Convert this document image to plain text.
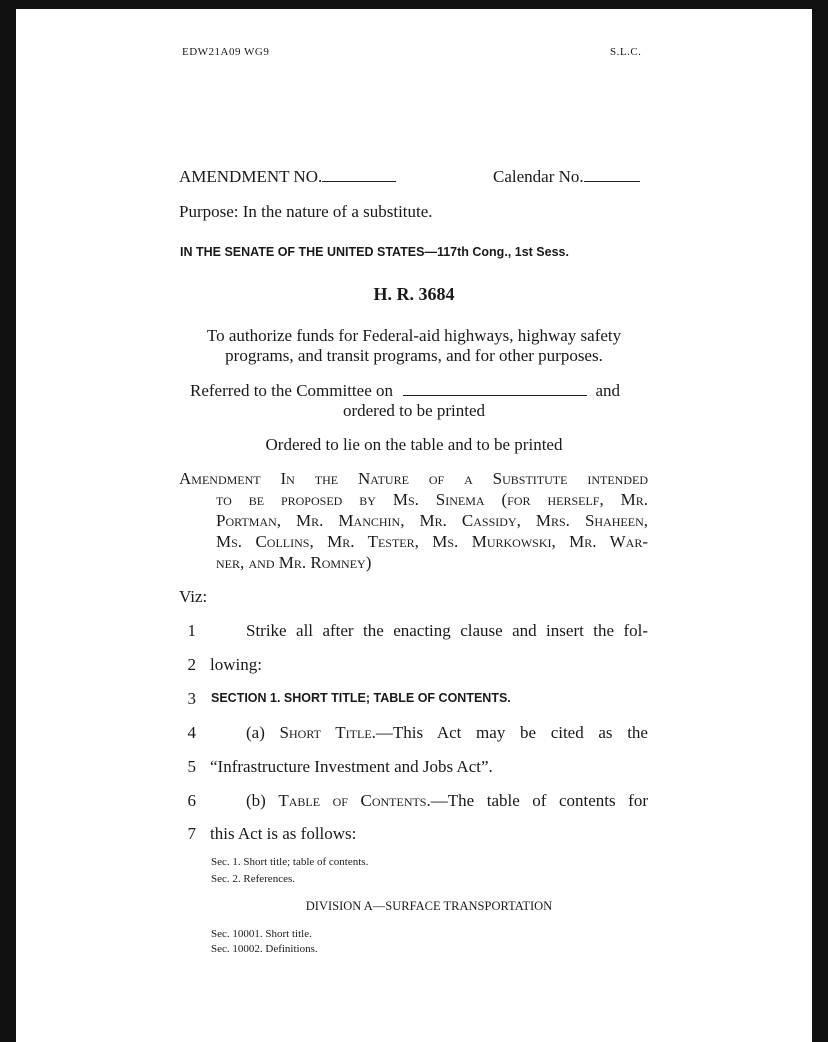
EDW21A09 WG9	S.L.C.
AMENDMENT NO.	Calendar No.
Purpose: In the nature of a substitute.
IN THE SENATE OF THE UNITED STATES—117th Cong., 1st Sess.
H. R. 3684
To authorize funds for Federal-aid highways, highway safety
programs, and transit programs, and for other purposes.
Referred to the Committee on	and
ordered to be printed
Ordered to lie on the table and to be printed
Amendment In the Nature of a Substitute intended
to be proposed by Ms. Sinema (for herself, Mr.
Portman, Mr. Manchin, Mr. Cassidy, Mrs. Shaheen,
Ms. Collins, Mr. Tester, Ms. Murkowski, Mr. War-
ner, and Mr. Romney)
Viz:
1	Strike all after the enacting clause and insert the fol-
2 lowing:
3 SECTION 1. SHORT TITLE; TABLE OF CONTENTS.
4	(a) Short Title.—This Act may be cited as the
5 “Infrastructure Investment and Jobs Act”.
6	(b) Table of Contents.—The table of contents for
7 this Act is as follows:
Sec. 1. Short title; table of contents.
Sec. 2. References.
DIVISION A—SURFACE TRANSPORTATION
Sec. 10001. Short title.
Sec. 10002. Definitions.
